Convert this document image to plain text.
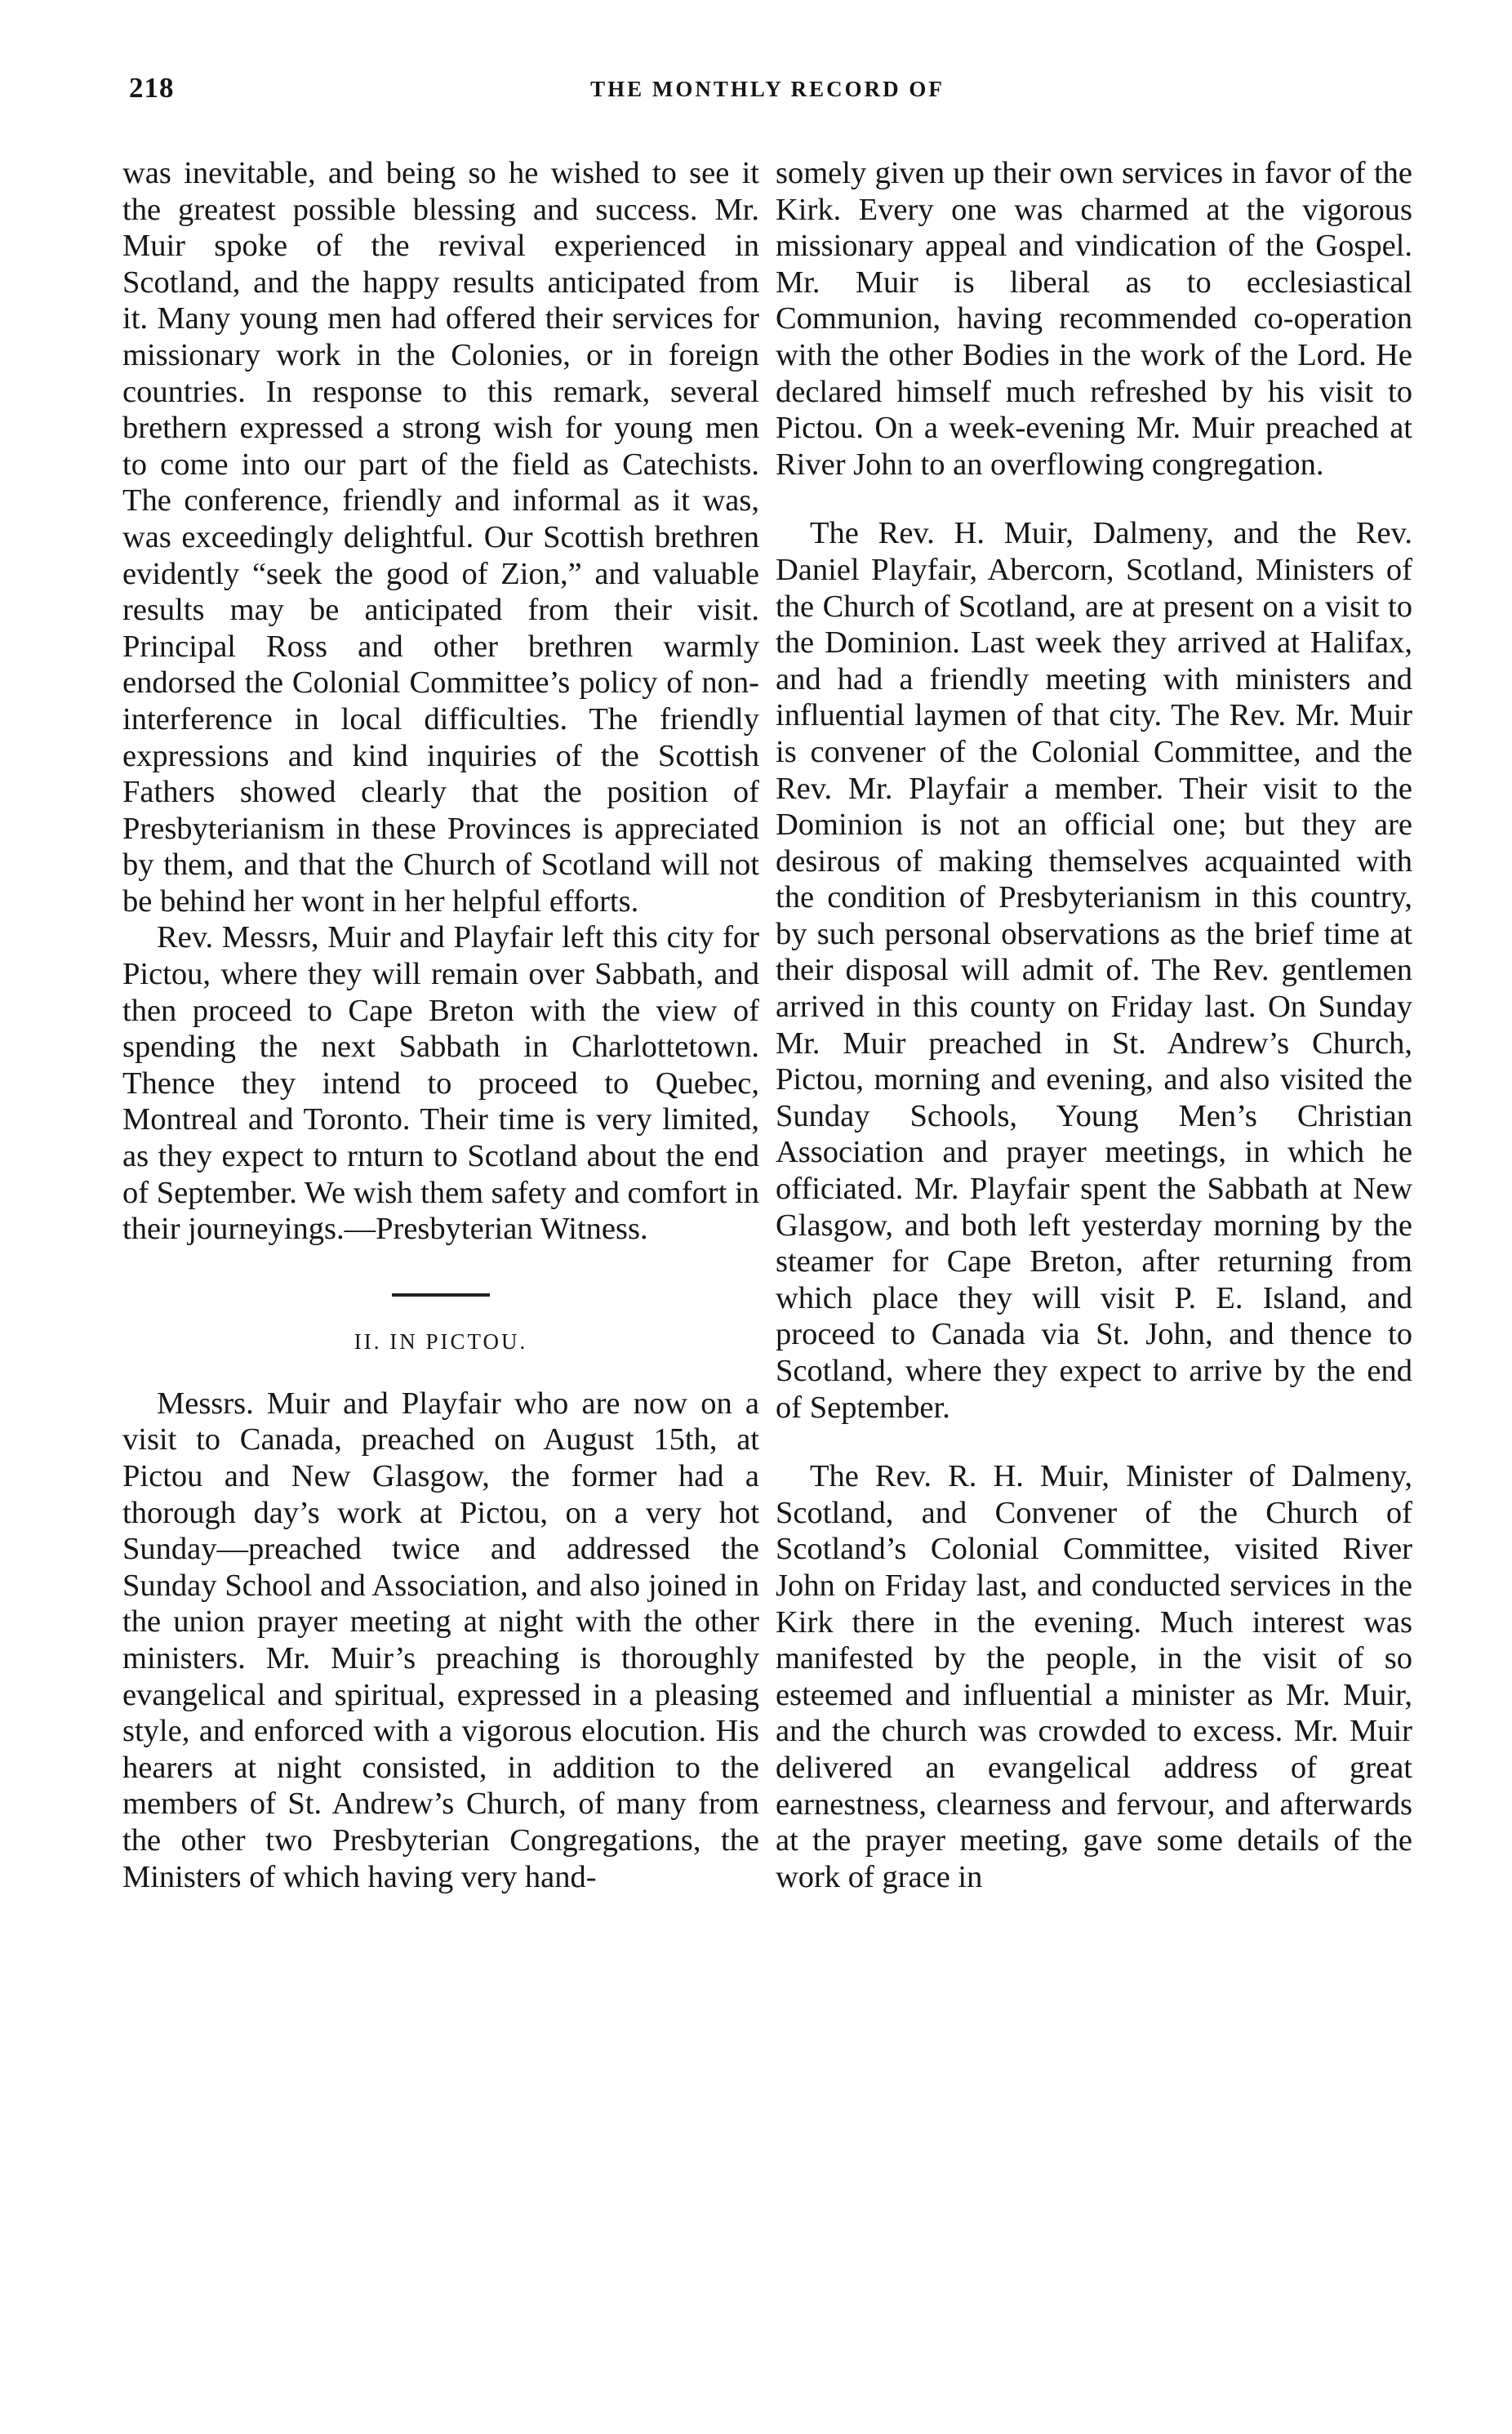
218	THE MONTHLY RECORD OF

was inevitable, and being so he wished to see it the greatest possible blessing and success. Mr. Muir spoke of the revival experienced in Scotland, and the happy results anticipated from it. Many young men had offered their services for missionary work in the Colonies, or in foreign countries. In response to this remark, several brethern expressed a strong wish for young men to come into our part of the field as Catechists. The conference, friendly and informal as it was, was exceedingly delightful. Our Scottish brethren evidently “seek the good of Zion,” and valuable results may be anticipated from their visit. Principal Ross and other brethren warmly endorsed the Colonial Committee’s policy of non-interference in local difficulties. The friendly expressions and kind inquiries of the Scottish Fathers showed clearly that the position of Presbyterianism in these Provinces is appreciated by them, and that the Church of Scotland will not be behind her wont in her helpful efforts.

Rev. Messrs, Muir and Playfair left this city for Pictou, where they will remain over Sabbath, and then proceed to Cape Breton with the view of spending the next Sabbath in Charlottetown. Thence they intend to proceed to Quebec, Montreal and Toronto. Their time is very limited, as they expect to rnturn to Scotland about the end of September. We wish them safety and comfort in their journeyings.—Presbyterian Witness.

II. IN PICTOU.

Messrs. Muir and Playfair who are now on a visit to Canada, preached on August 15th, at Pictou and New Glasgow, the former had a thorough day’s work at Pictou, on a very hot Sunday—preached twice and addressed the Sunday School and Association, and also joined in the union prayer meeting at night with the other ministers. Mr. Muir’s preaching is thoroughly evangelical and spiritual, expressed in a pleasing style, and enforced with a vigorous elocution. His hearers at night consisted, in addition to the members of St. Andrew’s Church, of many from the other two Presbyterian Congregations, the Ministers of which having very hand-

somely given up their own services in favor of the Kirk. Every one was charmed at the vigorous missionary appeal and vindication of the Gospel. Mr. Muir is liberal as to ecclesiastical Communion, having recommended co-operation with the other Bodies in the work of the Lord. He declared himself much refreshed by his visit to Pictou. On a week-evening Mr. Muir preached at River John to an overflowing congregation.

The Rev. H. Muir, Dalmeny, and the Rev. Daniel Playfair, Abercorn, Scotland, Ministers of the Church of Scotland, are at present on a visit to the Dominion. Last week they arrived at Halifax, and had a friendly meeting with ministers and influential laymen of that city. The Rev. Mr. Muir is convener of the Colonial Committee, and the Rev. Mr. Playfair a member. Their visit to the Dominion is not an official one; but they are desirous of making themselves acquainted with the condition of Presbyterianism in this country, by such personal observations as the brief time at their disposal will admit of. The Rev. gentlemen arrived in this county on Friday last. On Sunday Mr. Muir preached in St. Andrew’s Church, Pictou, morning and evening, and also visited the Sunday Schools, Young Men’s Christian Association and prayer meetings, in which he officiated. Mr. Playfair spent the Sabbath at New Glasgow, and both left yesterday morning by the steamer for Cape Breton, after returning from which place they will visit P. E. Island, and proceed to Canada via St. John, and thence to Scotland, where they expect to arrive by the end of September.

The Rev. R. H. Muir, Minister of Dalmeny, Scotland, and Convener of the Church of Scotland’s Colonial Committee, visited River John on Friday last, and conducted services in the Kirk there in the evening. Much interest was manifested by the people, in the visit of so esteemed and influential a minister as Mr. Muir, and the church was crowded to excess. Mr. Muir delivered an evangelical address of great earnestness, clearness and fervour, and afterwards at the prayer meeting, gave some details of the work of grace in
